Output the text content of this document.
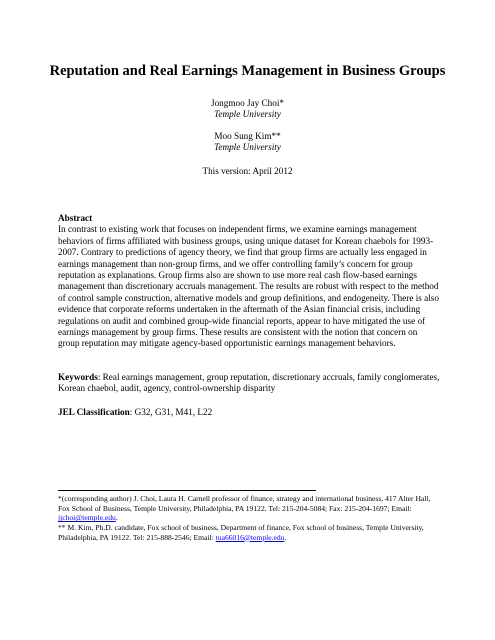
Reputation and Real Earnings Management in Business Groups
Jongmoo Jay Choi*
Temple University
Moo Sung Kim**
Temple University
This version: April 2012
Abstract

In contrast to existing work that focuses on independent firms, we examine earnings management behaviors of firms affiliated with business groups, using unique dataset for Korean chaebols for 1993-2007. Contrary to predictions of agency theory, we find that group firms are actually less engaged in earnings management than non-group firms, and we offer controlling family’s concern for group reputation as explanations. Group firms also are shown to use more real cash flow-based earnings management than discretionary accruals management. The results are robust with respect to the method of control sample construction, alternative models and group definitions, and endogeneity. There is also evidence that corporate reforms undertaken in the aftermath of the Asian financial crisis, including regulations on audit and combined group-wide financial reports, appear to have mitigated the use of earnings management by group firms. These results are consistent with the notion that concern on group reputation may mitigate agency-based opportunistic earnings management behaviors.

Keywords: Real earnings management, group reputation, discretionary accruals, family conglomerates, Korean chaebol, audit, agency, control-ownership disparity
JEL Classification: G32, G31, M41, L22
*(corresponding author) J. Choi, Laura H. Carnell professor of finance, strategy and international business, 417 Alter Hall, Fox School of Business, Temple University, Philadelphia, PA 19122. Tel: 215-204-5084; Fax: 215-204-1697; Email: jjchoi@temple.edu.
** M. Kim, Ph.D. candidate, Fox school of business, Department of finance, Fox school of business, Temple University, Philadelphia, PA 19122. Tel: 215-888-2546; Email: tua66016@temple.edu.
